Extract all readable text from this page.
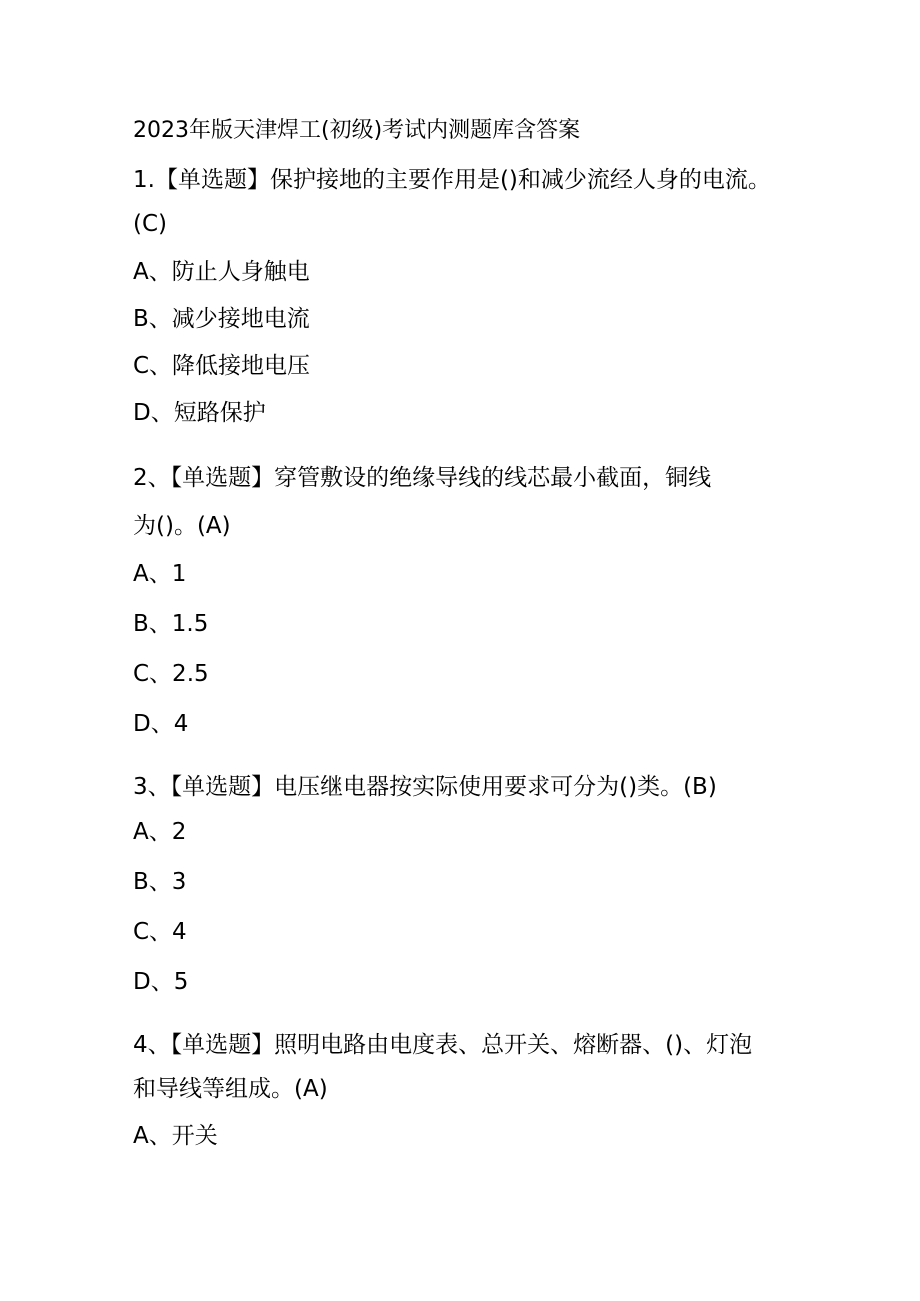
2023年版天津焊工(初级)考试内测题库含答案
1.【单选题】保护接地的主要作用是()和减少流经人身的电流。
(C)
A、防止人身触电
B、减少接地电流
C、降低接地电压
D、短路保护
2、【单选题】穿管敷设的绝缘导线的线芯最小截面，铜线
为()。(A)
A、1
B、1.5
C、2.5
D、4
3、【单选题】电压继电器按实际使用要求可分为()类。(B)
A、2
B、3
C、4
D、5
4、【单选题】照明电路由电度表、总开关、熔断器、()、灯泡
和导线等组成。(A)
A、开关
